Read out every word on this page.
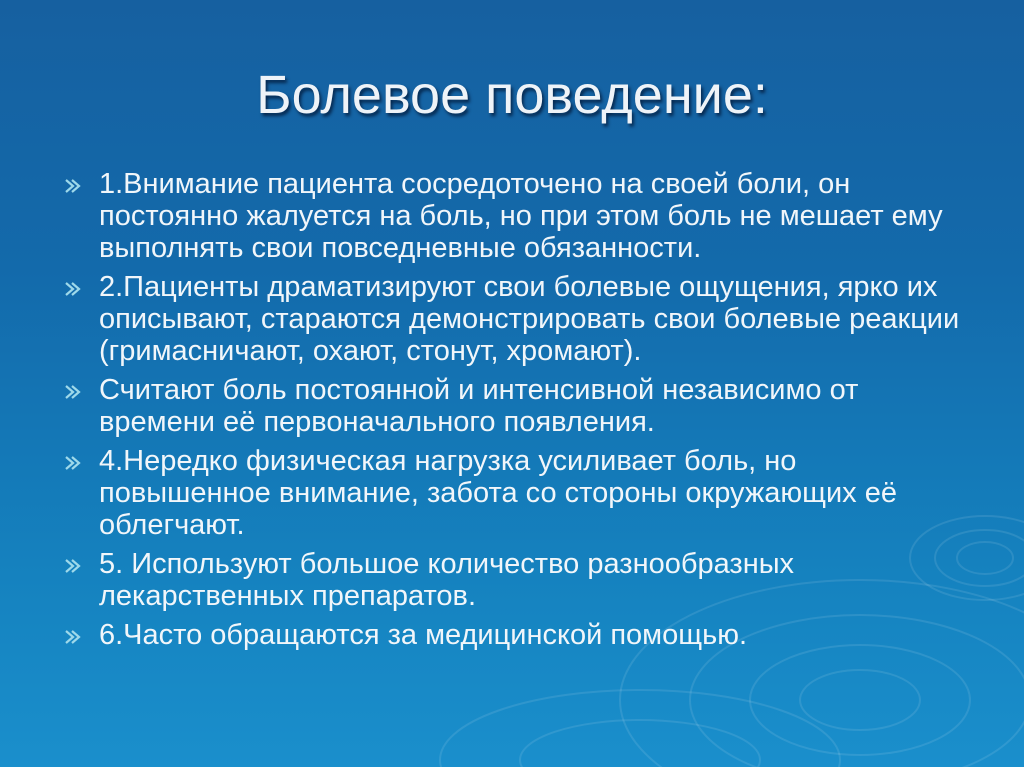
Болевое поведение:
1.Внимание пациента сосредоточено на своей боли, он постоянно жалуется на боль, но при этом боль не мешает ему выполнять свои повседневные обязанности.
2.Пациенты драматизируют свои болевые ощущения, ярко их описывают, стараются демонстрировать свои болевые реакции (гримасничают, охают, стонут, хромают).
Считают боль постоянной и интенсивной независимо от времени её первоначального появления.
4.Нередко физическая нагрузка усиливает боль, но повышенное внимание, забота со стороны окружающих её облегчают.
5. Используют большое количество разнообразных лекарственных препаратов.
6.Часто обращаются за медицинской помощью.
